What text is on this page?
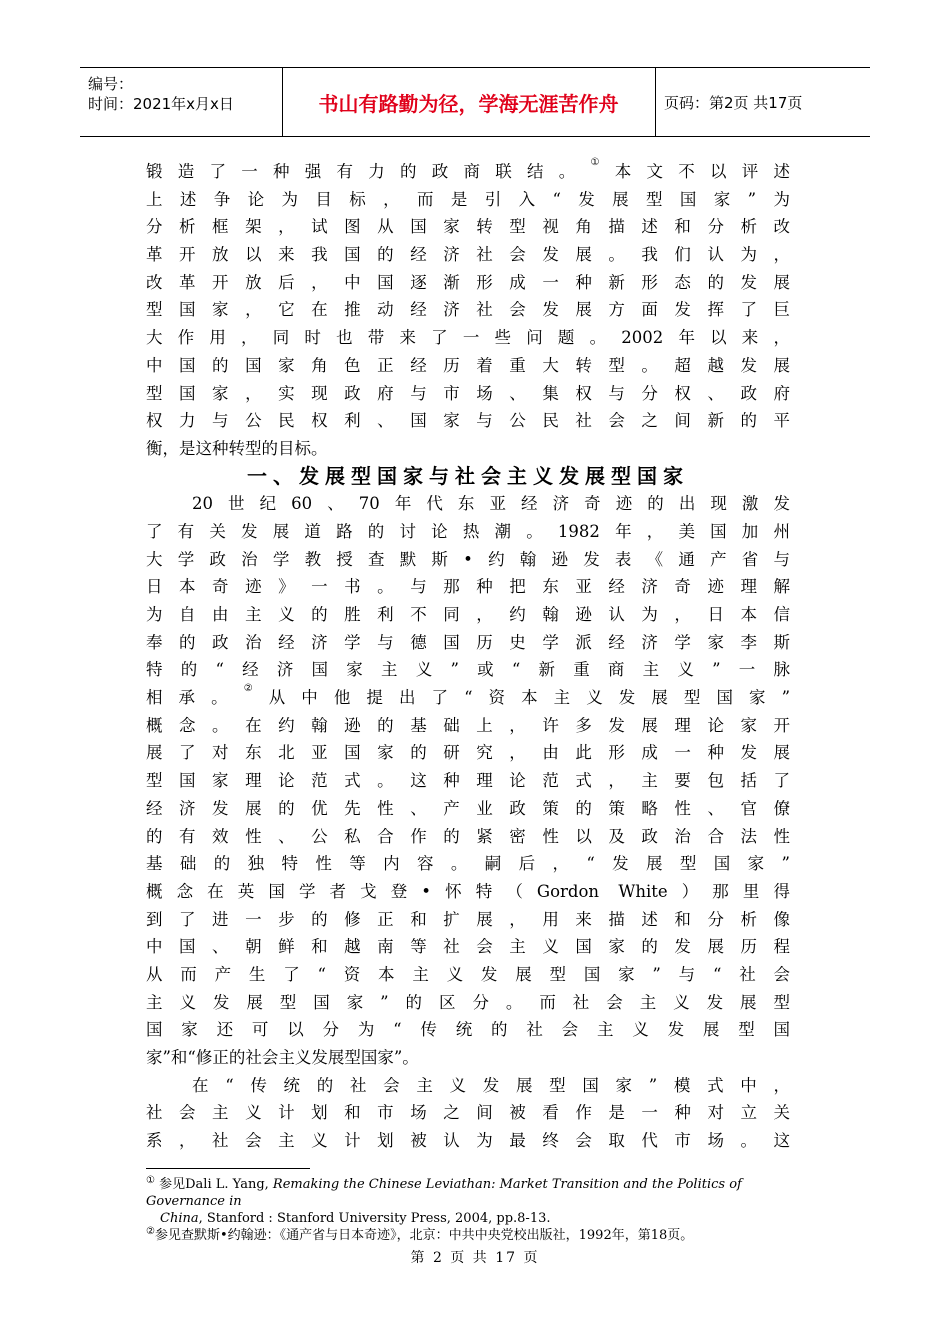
编号：
时间：2021年x月x日	书山有路勤为径，学海无涯苦作舟	页码：第2页 共17页
锻造了一种强有力的政商联结。①本文不以评述
上述争论为目标，而是引入“发展型国家”为
分析框架，试图从国家转型视角描述和分析改
革开放以来我国的经济社会发展。我们认为，
改革开放后，中国逐渐形成一种新形态的发展
型国家，它在推动经济社会发展方面发挥了巨
大作用，同时也带来了一些问题。2002年以来，
中国的国家角色正经历着重大转型。超越发展
型国家，实现政府与市场、集权与分权、政府
权力与公民权利、国家与公民社会之间新的平
衡，是这种转型的目标。
一、发展型国家与社会主义发展型国家
20世纪60、70年代东亚经济奇迹的出现激发
了有关发展道路的讨论热潮。1982年，美国加州
大学政治学教授查默斯•约翰逊发表《通产省与
日本奇迹》一书。与那种把东亚经济奇迹理解
为自由主义的胜利不同，约翰逊认为，日本信
奉的政治经济学与德国历史学派经济学家李斯
特的“经济国家主义”或“新重商主义”一脉
相承。②从中他提出了“资本主义发展型国家”
概念。在约翰逊的基础上，许多发展理论家开
展了对东北亚国家的研究，由此形成一种发展
型国家理论范式。这种理论范式，主要包括了
经济发展的优先性、产业政策的策略性、官僚
的有效性、公私合作的紧密性以及政治合法性
基础的独特性等内容。嗣后，“发展型国家”
概念在英国学者戈登•怀特（Gordon White）那里得
到了进一步的修正和扩展，用来描述和分析像
中国、朝鲜和越南等社会主义国家的发展历程
从而产生了“资本主义发展型国家”与“社会
主义发展型国家”的区分。而社会主义发展型
国家还可以分为“传统的社会主义发展型国
家”和“修正的社会主义发展型国家”。
在“传统的社会主义发展型国家”模式中，
社会主义计划和市场之间被看作是一种对立关
系，社会主义计划被认为最终会取代市场。这
① 参见Dali L. Yang, Remaking the Chinese Leviathan: Market Transition and the Politics of Governance in
China, Stanford : Stanford University Press, 2004, pp.8-13.
②参见查默斯•约翰逊：《通产省与日本奇迹》，北京：中共中央党校出版社，1992年，第18页。
第 2 页 共 17 页
